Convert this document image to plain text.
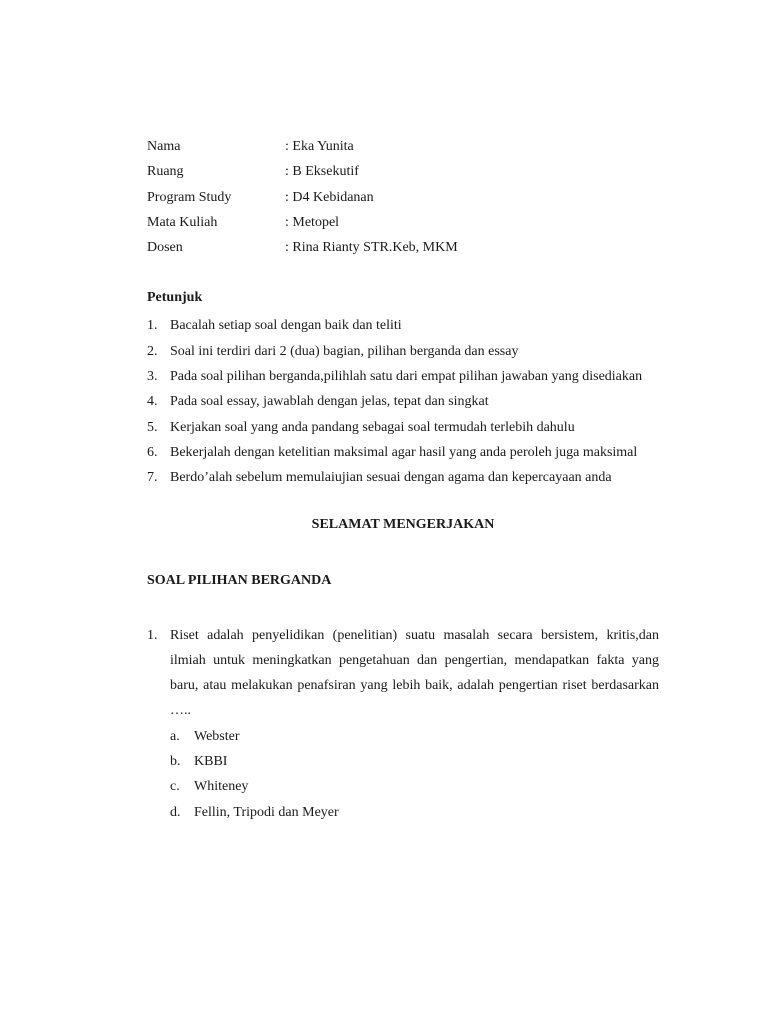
Nama	: Eka Yunita
Ruang	: B Eksekutif
Program Study	: D4 Kebidanan
Mata Kuliah	: Metopel
Dosen	: Rina Rianty STR.Keb, MKM
Petunjuk
1. Bacalah setiap soal dengan baik dan teliti
2. Soal ini terdiri dari 2 (dua) bagian, pilihan berganda dan essay
3. Pada soal pilihan berganda,pilihlah satu dari empat pilihan jawaban yang disediakan
4. Pada soal essay, jawablah dengan jelas, tepat dan singkat
5. Kerjakan soal yang anda pandang sebagai soal termudah terlebih dahulu
6. Bekerjalah dengan ketelitian maksimal agar hasil yang anda peroleh juga maksimal
7. Berdo’alah sebelum memulaiujian sesuai dengan agama dan kepercayaan anda
SELAMAT MENGERJAKAN
SOAL PILIHAN BERGANDA
1. Riset adalah penyelidikan (penelitian) suatu masalah secara bersistem, kritis,dan ilmiah untuk meningkatkan pengetahuan dan pengertian, mendapatkan fakta yang baru, atau melakukan penafsiran yang lebih baik, adalah pengertian riset berdasarkan …..
a.	Webster
b. KBBI
c.	Whiteney
d. Fellin, Tripodi dan Meyer
